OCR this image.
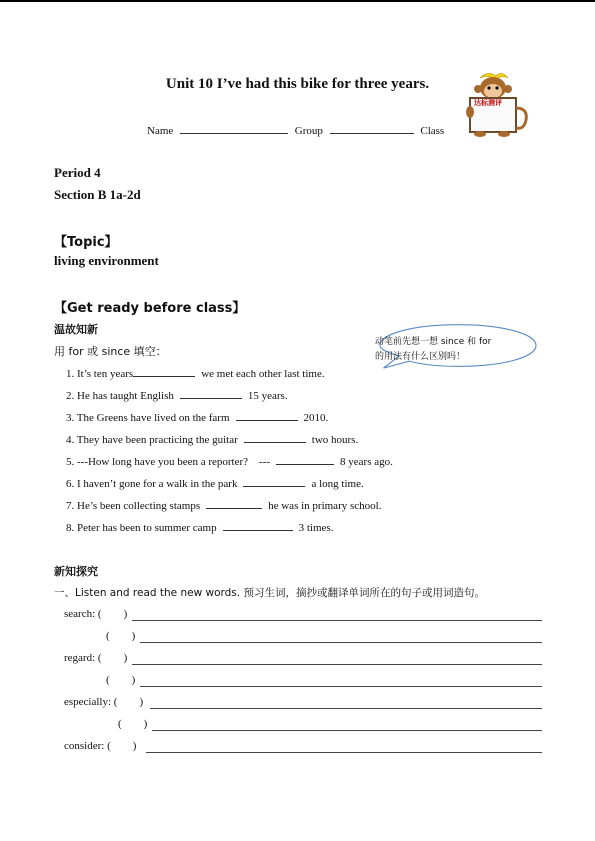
Unit 10 I’ve had this bike for three years.
达标测评
Name	Group	Class
Period 4
Section B 1a-2d
【Topic】
living environment
【Get ready before class】
温故知新
用 for 或 since 填空：
动笔前先想一想 since 和 for
的用法有什么区别吗！
1. It’s ten years	we met each other last time.
2. He has taught English	15 years.
3. The Greens have lived on the farm	2010.
4. They have been practicing the guitar	two hours.
5. ---How long have you been a reporter?    ---	8 years ago.
6. I haven’t gone for a walk in the park	a long time.
7. He’s been collecting stamps	he was in primary school.
8. Peter has been to summer camp	3 times.
新知探究
一、Listen and read the new words. 预习生词，摘抄或翻译单词所在的句子或用词造句。
search: (        )
(        )
regard: (        )
(        )
especially: (        )
(        )
consider: (        )
